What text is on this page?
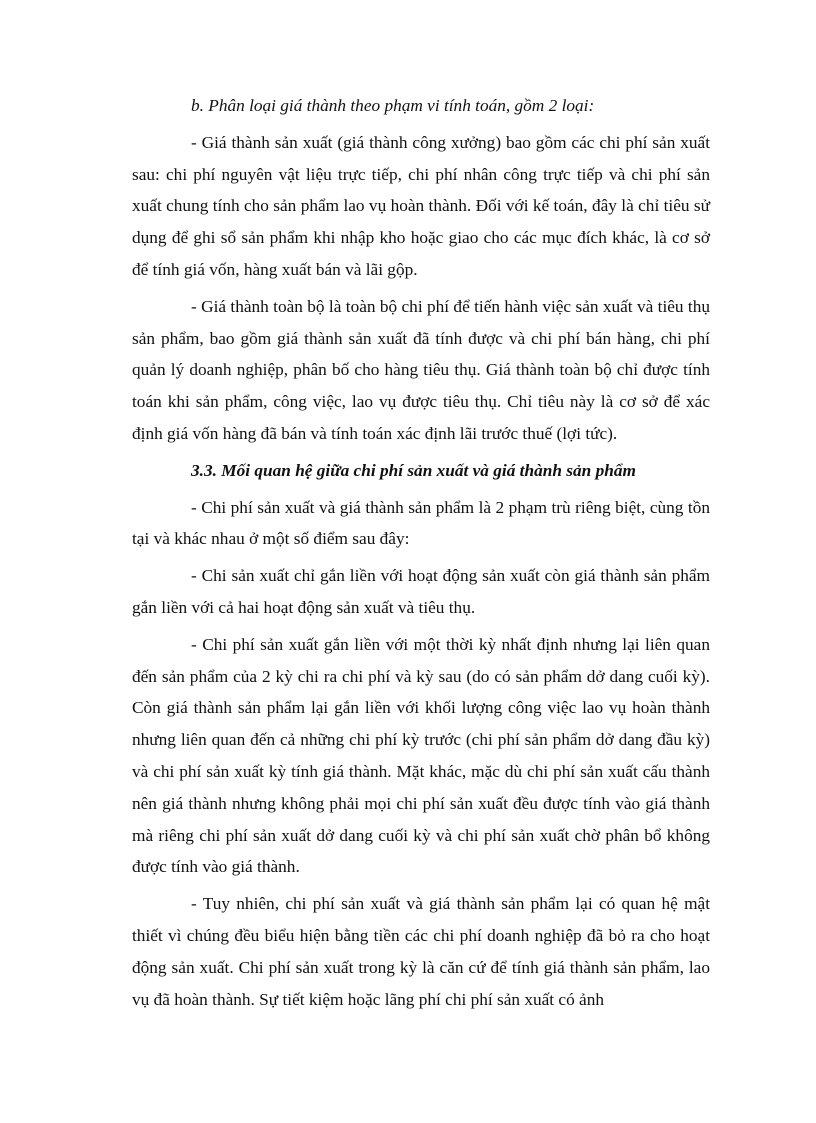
b. Phân loại giá thành theo phạm vi tính toán, gồm 2 loại:

- Giá thành sản xuất (giá thành công xưởng) bao gồm các chi phí sản xuất sau: chi phí nguyên vật liệu trực tiếp, chi phí nhân công trực tiếp và chi phí sản xuất chung tính cho sản phẩm lao vụ hoàn thành. Đối với kế toán, đây là chỉ tiêu sử dụng để ghi sổ sản phẩm khi nhập kho hoặc giao cho các mục đích khác, là cơ sở để tính giá vốn, hàng xuất bán và lãi gộp.

- Giá thành toàn bộ là toàn bộ chi phí để tiến hành việc sản xuất và tiêu thụ sản phẩm, bao gồm giá thành sản xuất đã tính được và chi phí bán hàng, chi phí quản lý doanh nghiệp, phân bố cho hàng tiêu thụ. Giá thành toàn bộ chỉ được tính toán khi sản phẩm, công việc, lao vụ được tiêu thụ. Chỉ tiêu này là cơ sở để xác định giá vốn hàng đã bán và tính toán xác định lãi trước thuế (lợi tức).

3.3. Mối quan hệ giữa chi phí sản xuất và giá thành sản phẩm

- Chi phí sản xuất và giá thành sản phẩm là 2 phạm trù riêng biệt, cùng tồn tại và khác nhau ở một số điểm sau đây:

- Chi sản xuất chỉ gắn liền với hoạt động sản xuất còn giá thành sản phẩm gắn liền với cả hai hoạt động sản xuất và tiêu thụ.

- Chi phí sản xuất gắn liền với một thời kỳ nhất định nhưng lại liên quan đến sản phẩm của 2 kỳ chi ra chi phí và kỳ sau (do có sản phẩm dở dang cuối kỳ). Còn giá thành sản phẩm lại gắn liền với khối lượng công việc lao vụ hoàn thành nhưng liên quan đến cả những chi phí kỳ trước (chi phí sản phẩm dở dang đầu kỳ) và chi phí sản xuất kỳ tính giá thành. Mặt khác, mặc dù chi phí sản xuất cấu thành nên giá thành nhưng không phải mọi chi phí sản xuất đều được tính vào giá thành mà riêng chi phí sản xuất dở dang cuối kỳ và chi phí sản xuất chờ phân bổ không được tính vào giá thành.

- Tuy nhiên, chi phí sản xuất và giá thành sản phẩm lại có quan hệ mật thiết vì chúng đều biểu hiện bằng tiền các chi phí doanh nghiệp đã bỏ ra cho hoạt động sản xuất. Chi phí sản xuất trong kỳ là căn cứ để tính giá thành sản phẩm, lao vụ đã hoàn thành. Sự tiết kiệm hoặc lãng phí chi phí sản xuất có ảnh
